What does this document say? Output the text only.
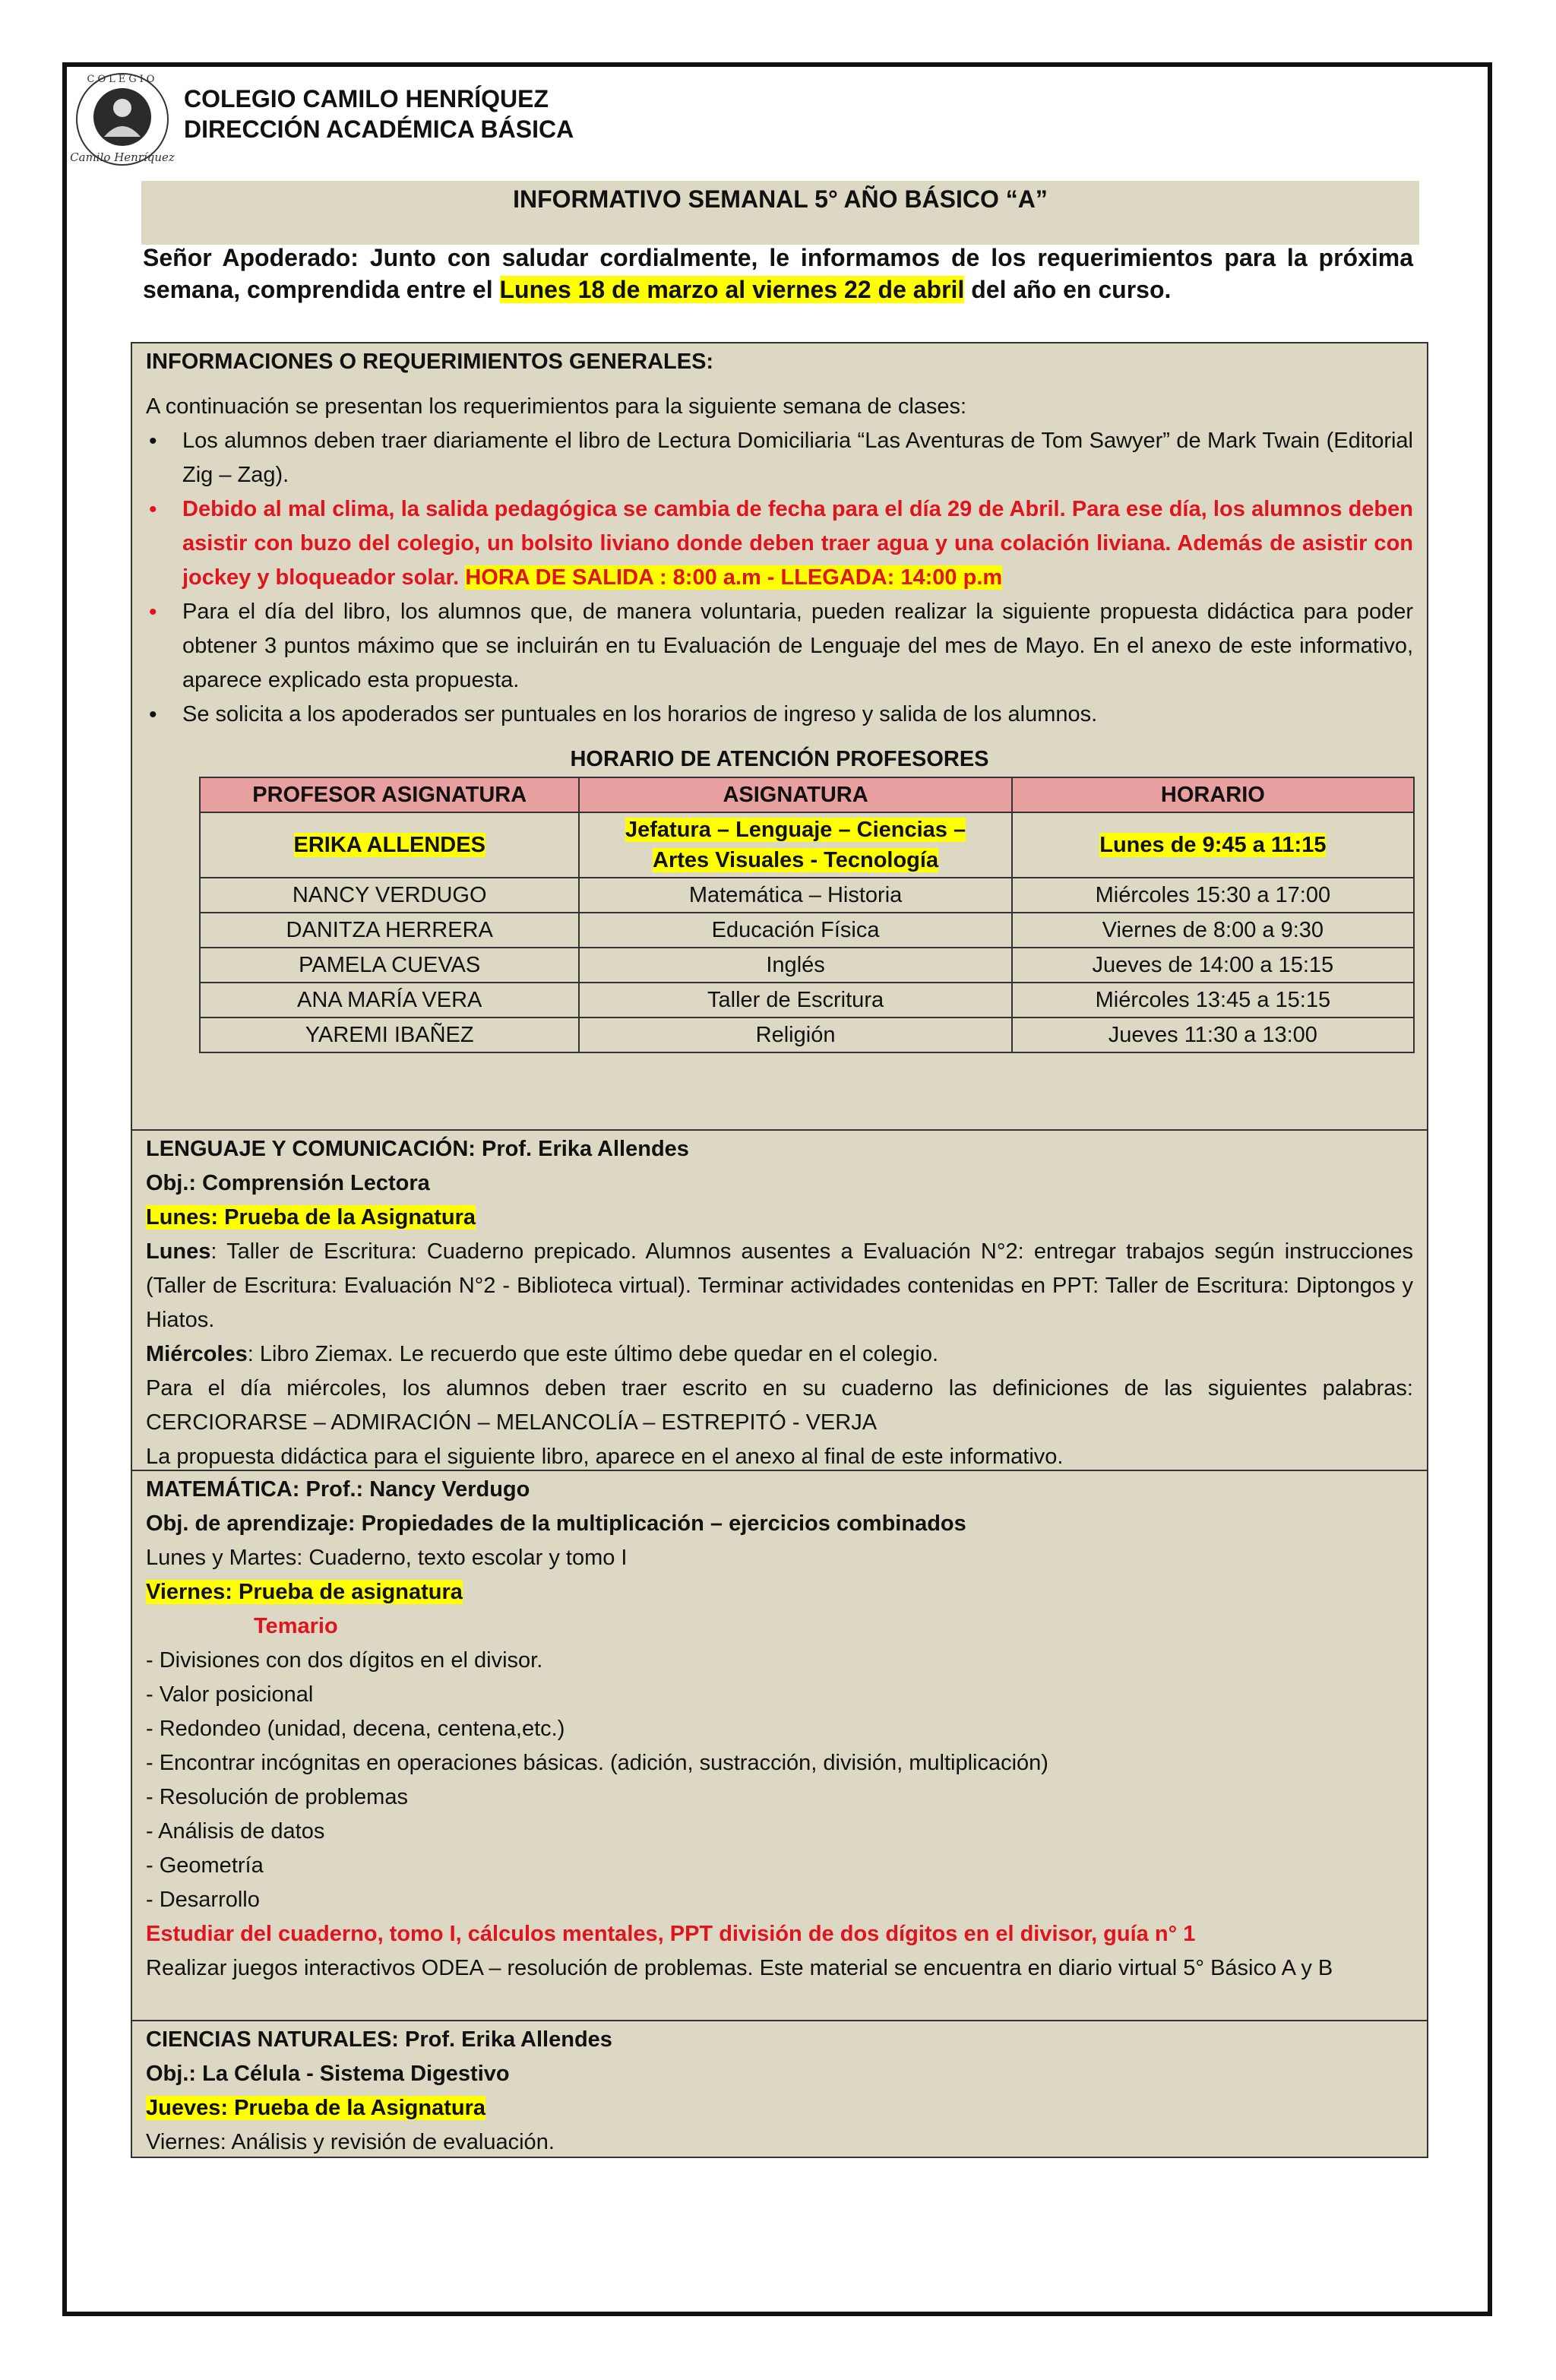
COLEGIO
Camilo Henríquez
COLEGIO CAMILO HENRÍQUEZ
DIRECCIÓN ACADÉMICA BÁSICA
INFORMATIVO SEMANAL 5° AÑO BÁSICO “A”
Señor Apoderado: Junto con saludar cordialmente, le informamos de los requerimientos para la próxima semana, comprendida entre el Lunes 18 de marzo al viernes 22 de abril del año en curso.
INFORMACIONES O REQUERIMIENTOS GENERALES:
A continuación se presentan los requerimientos para la siguiente semana de clases:
• Los alumnos deben traer diariamente el libro de Lectura Domiciliaria “Las Aventuras de Tom Sawyer” de Mark Twain (Editorial Zig – Zag).
• Debido al mal clima, la salida pedagógica se cambia de fecha para el día 29 de Abril. Para ese día, los alumnos deben asistir con buzo del colegio, un bolsito liviano donde deben traer agua y una colación liviana. Además de asistir con jockey y bloqueador solar. HORA DE SALIDA : 8:00 a.m - LLEGADA: 14:00 p.m
• Para el día del libro, los alumnos que, de manera voluntaria, pueden realizar la siguiente propuesta didáctica para poder obtener 3 puntos máximo que se incluirán en tu Evaluación de Lenguaje del mes de Mayo. En el anexo de este informativo, aparece explicado esta propuesta.
• Se solicita a los apoderados ser puntuales en los horarios de ingreso y salida de los alumnos.
HORARIO DE ATENCIÓN PROFESORES
PROFESOR ASIGNATURA	ASIGNATURA	HORARIO
ERIKA ALLENDES	Jefatura – Lenguaje – Ciencias – Artes Visuales - Tecnología	Lunes de 9:45 a 11:15
NANCY VERDUGO	Matemática – Historia	Miércoles 15:30 a 17:00
DANITZA HERRERA	Educación Física	Viernes de 8:00 a 9:30
PAMELA CUEVAS	Inglés	Jueves de 14:00 a 15:15
ANA MARÍA VERA	Taller de Escritura	Miércoles 13:45 a 15:15
YAREMI IBAÑEZ	Religión	Jueves 11:30 a 13:00
LENGUAJE Y COMUNICACIÓN: Prof. Erika Allendes
Obj.: Comprensión Lectora
Lunes: Prueba de la Asignatura
Lunes: Taller de Escritura: Cuaderno prepicado. Alumnos ausentes a Evaluación N°2: entregar trabajos según instrucciones (Taller de Escritura: Evaluación N°2 - Biblioteca virtual). Terminar actividades contenidas en PPT: Taller de Escritura: Diptongos y Hiatos.
Miércoles: Libro Ziemax. Le recuerdo que este último debe quedar en el colegio.
Para el día miércoles, los alumnos deben traer escrito en su cuaderno las definiciones de las siguientes palabras: CERCIORARSE – ADMIRACIÓN – MELANCOLÍA – ESTREPITÓ - VERJA
La propuesta didáctica para el siguiente libro, aparece en el anexo al final de este informativo.
MATEMÁTICA: Prof.: Nancy Verdugo
Obj. de aprendizaje: Propiedades de la multiplicación – ejercicios combinados
Lunes y Martes: Cuaderno, texto escolar y tomo I
Viernes: Prueba de asignatura
Temario
- Divisiones con dos dígitos en el divisor.
- Valor posicional
- Redondeo (unidad, decena, centena,etc.)
- Encontrar incógnitas en operaciones básicas. (adición, sustracción, división, multiplicación)
- Resolución de problemas
- Análisis de datos
- Geometría
- Desarrollo
Estudiar del cuaderno, tomo I, cálculos mentales, PPT división de dos dígitos en el divisor, guía n° 1
Realizar juegos interactivos ODEA – resolución de problemas. Este material se encuentra en diario virtual 5° Básico A y B
CIENCIAS NATURALES: Prof. Erika Allendes
Obj.: La Célula - Sistema Digestivo
Jueves: Prueba de la Asignatura
Viernes: Análisis y revisión de evaluación.
